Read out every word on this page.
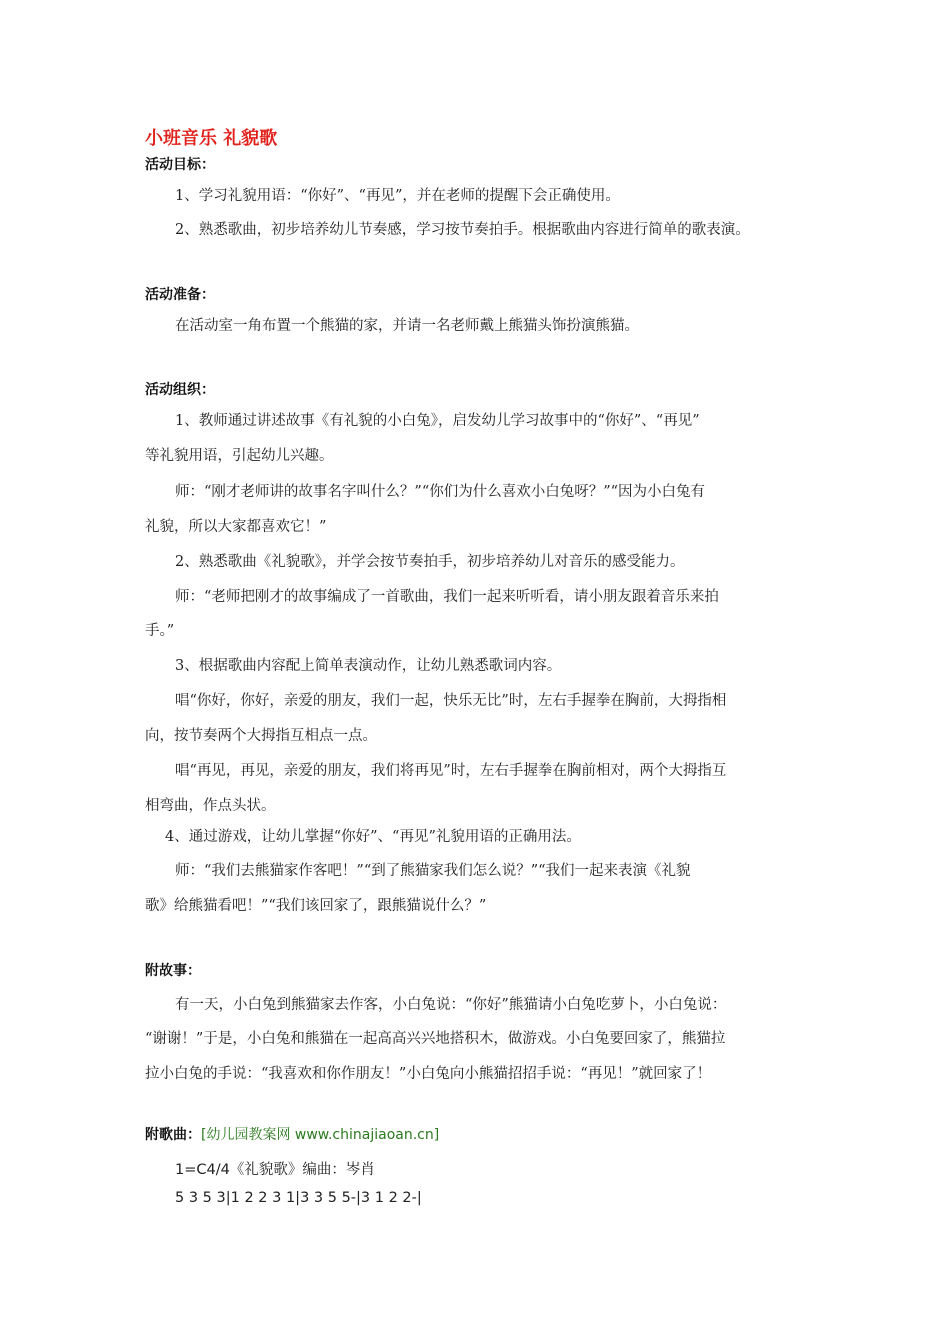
小班音乐 礼貌歌
活动目标：
1、学习礼貌用语：“你好”、“再见”，并在老师的提醒下会正确使用。
2、熟悉歌曲，初步培养幼儿节奏感，学习按节奏拍手。根据歌曲内容进行简单的歌表演。
活动准备：
在活动室一角布置一个熊猫的家，并请一名老师戴上熊猫头饰扮演熊猫。
活动组织：
1、教师通过讲述故事《有礼貌的小白兔》，启发幼儿学习故事中的“你好”、“再见”
等礼貌用语，引起幼儿兴趣。
师：“刚才老师讲的故事名字叫什么？”“你们为什么喜欢小白兔呀？”“因为小白兔有
礼貌，所以大家都喜欢它！”
2、熟悉歌曲《礼貌歌》，并学会按节奏拍手，初步培养幼儿对音乐的感受能力。
师：“老师把刚才的故事编成了一首歌曲，我们一起来听听看，请小朋友跟着音乐来拍
手。”
3、根据歌曲内容配上简单表演动作，让幼儿熟悉歌词内容。
唱“你好，你好，亲爱的朋友，我们一起，快乐无比”时，左右手握拳在胸前，大拇指相
向，按节奏两个大拇指互相点一点。
唱“再见，再见，亲爱的朋友，我们将再见”时，左右手握拳在胸前相对，两个大拇指互
相弯曲，作点头状。
4、通过游戏，让幼儿掌握“你好”、“再见”礼貌用语的正确用法。
师：“我们去熊猫家作客吧！”“到了熊猫家我们怎么说？”“我们一起来表演《礼貌
歌》给熊猫看吧！”“我们该回家了，跟熊猫说什么？”
附故事：
有一天，小白兔到熊猫家去作客，小白兔说：“你好”熊猫请小白兔吃萝卜，小白兔说：
“谢谢！”于是，小白兔和熊猫在一起高高兴兴地搭积木，做游戏。小白兔要回家了，熊猫拉
拉小白兔的手说：“我喜欢和你作朋友！”小白兔向小熊猫招招手说：“再见！”就回家了！
附歌曲：[幼儿园教案网 www.chinajiaoan.cn]
1=C4/4《礼貌歌》编曲：岑肖
5 3 5 3|1 2 2 3 1|3 3 5 5-|3 1 2 2-|
